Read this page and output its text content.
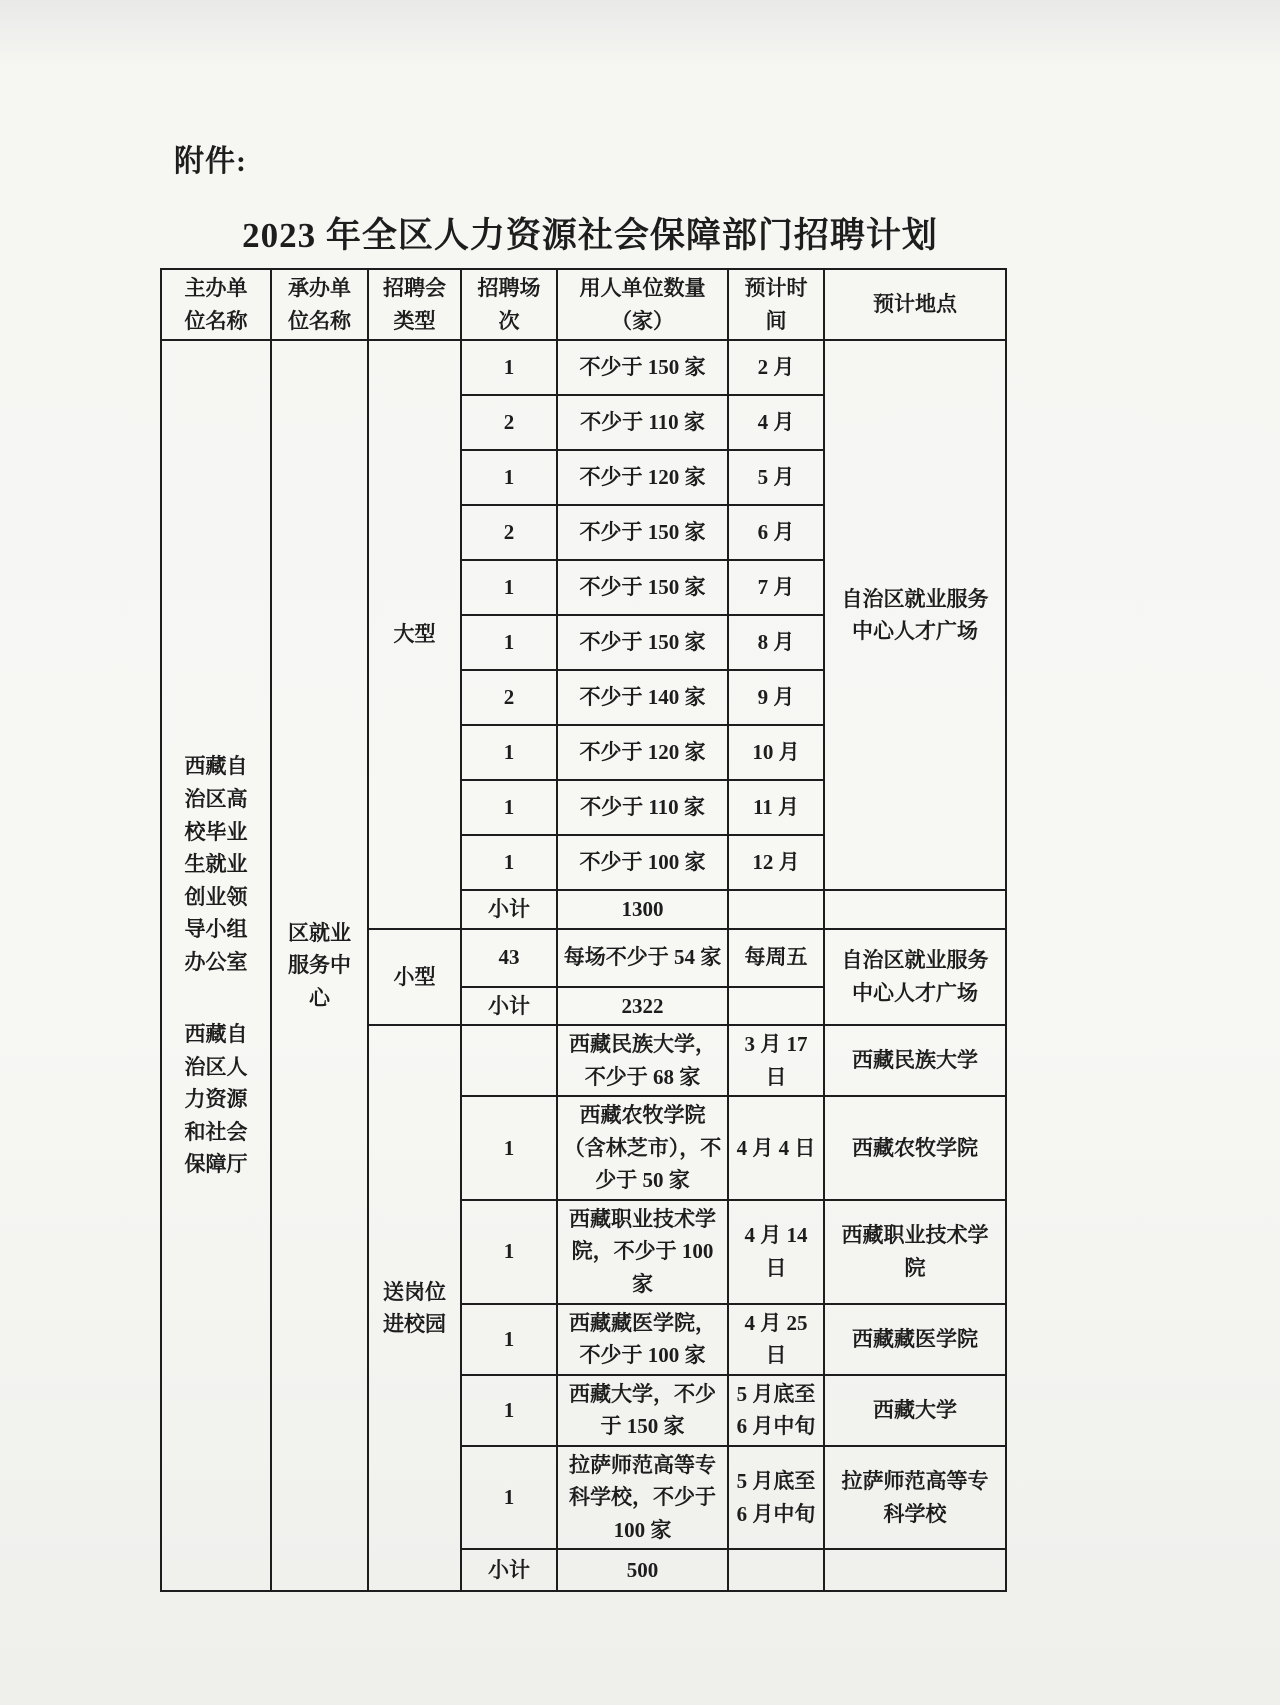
附件:
2023 年全区人力资源社会保障部门招聘计划
主办单位名称	承办单位名称	招聘会类型	招聘场次	用人单位数量（家）	预计时间	预计地点

西藏自治区高校毕业生就业创业领导小组办公室
西藏自治区人力资源和社会保障厅	区就业服务中心	大型	1	不少于 150 家	2 月	自治区就业服务中心人才广场
			2	不少于 110 家	4 月	
			1	不少于 120 家	5 月	
			2	不少于 150 家	6 月	
			1	不少于 150 家	7 月	
			1	不少于 150 家	8 月	
			2	不少于 140 家	9 月	
			1	不少于 120 家	10 月	
			1	不少于 110 家	11 月	
			1	不少于 100 家	12 月	
			小计	1300		
		小型	43	每场不少于 54 家	每周五	自治区就业服务中心人才广场
			小计	2322		
		送岗位进校园		西藏民族大学，不少于 68 家	3 月 17 日	西藏民族大学
			1	西藏农牧学院（含林芝市），不少于 50 家	4 月 4 日	西藏农牧学院
			1	西藏职业技术学院，不少于 100 家	4 月 14 日	西藏职业技术学院
			1	西藏藏医学院，不少于 100 家	4 月 25 日	西藏藏医学院
			1	西藏大学，不少于 150 家	5 月底至 6 月中旬	西藏大学
			1	拉萨师范高等专科学校，不少于 100 家	5 月底至 6 月中旬	拉萨师范高等专科学校
			小计	500		
